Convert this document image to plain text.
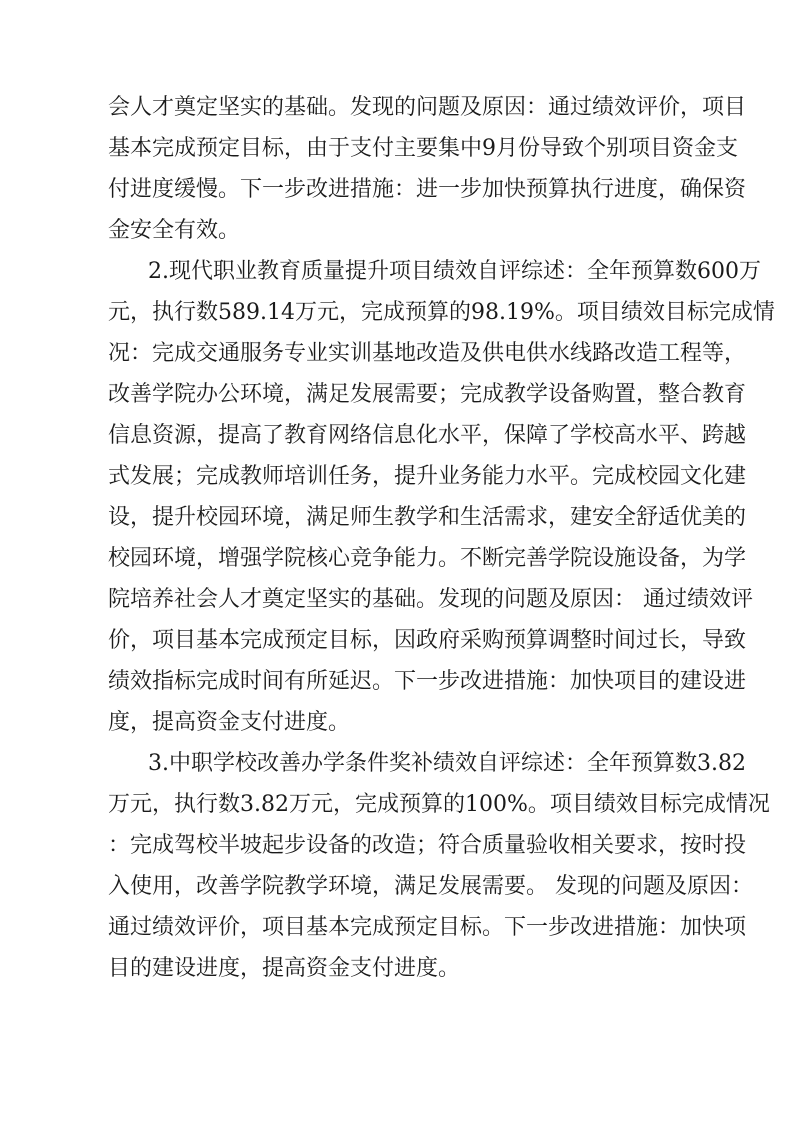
会人才奠定坚实的基础。发现的问题及原因：通过绩效评价，项目
基本完成预定目标，由于支付主要集中9月份导致个别项目资金支
付进度缓慢。下一步改进措施：进一步加快预算执行进度，确保资
金安全有效。
2.现代职业教育质量提升项目绩效自评综述：全年预算数600万
元，执行数589.14万元，完成预算的98.19%。项目绩效目标完成情
况：完成交通服务专业实训基地改造及供电供水线路改造工程等，
改善学院办公环境，满足发展需要；完成教学设备购置，整合教育
信息资源，提高了教育网络信息化水平，保障了学校高水平、跨越
式发展；完成教师培训任务，提升业务能力水平。完成校园文化建
设，提升校园环境，满足师生教学和生活需求，建安全舒适优美的
校园环境，增强学院核心竞争能力。不断完善学院设施设备，为学
院培养社会人才奠定坚实的基础。发现的问题及原因： 通过绩效评
价，项目基本完成预定目标，因政府采购预算调整时间过长，导致
绩效指标完成时间有所延迟。下一步改进措施：加快项目的建设进
度，提高资金支付进度。
3.中职学校改善办学条件奖补绩效自评综述：全年预算数3.82
万元，执行数3.82万元，完成预算的100%。项目绩效目标完成情况
：完成驾校半坡起步设备的改造；符合质量验收相关要求，按时投
入使用，改善学院教学环境，满足发展需要。 发现的问题及原因：
通过绩效评价，项目基本完成预定目标。下一步改进措施：加快项
目的建设进度，提高资金支付进度。
